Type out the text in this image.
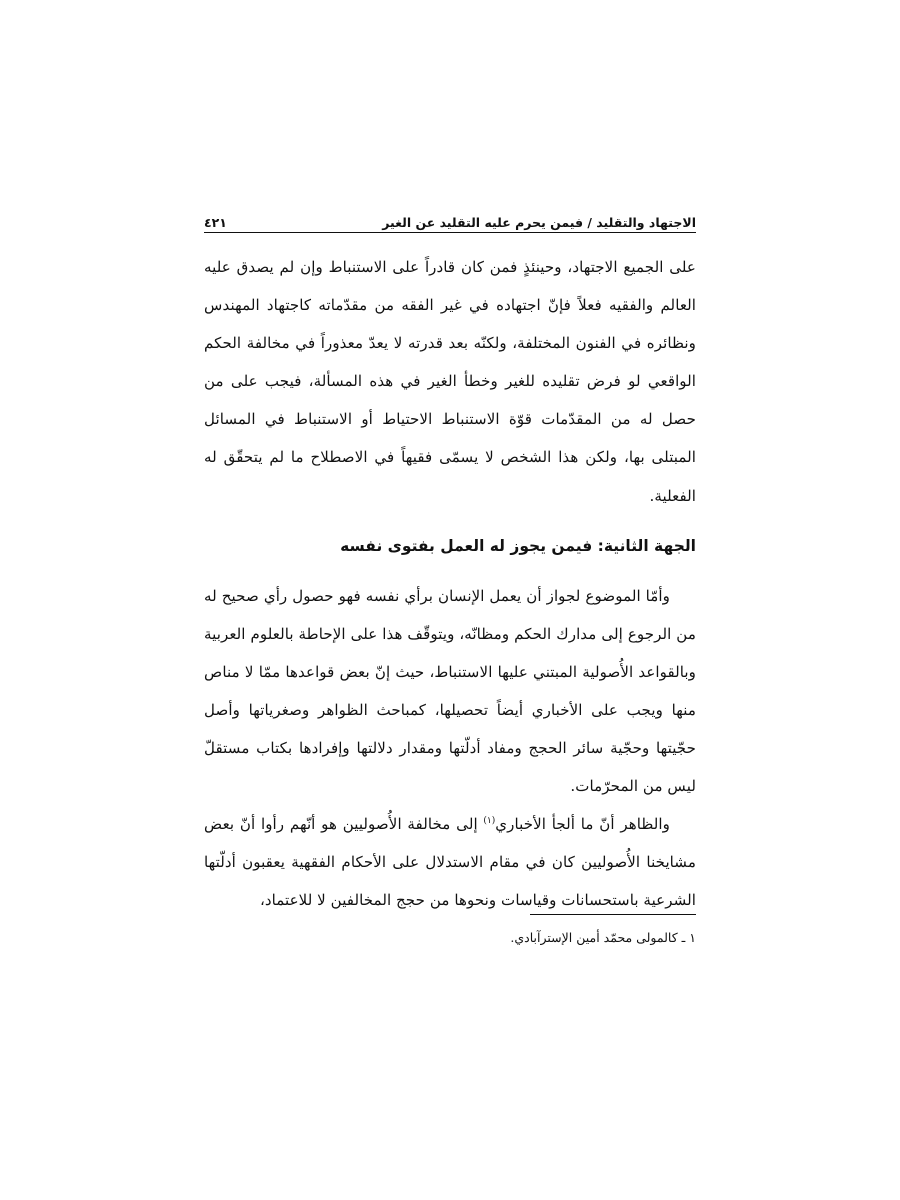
الاجتهاد والتقليد / فيمن يحرم عليه التقليد عن الغير
٤٢١

على الجميع الاجتهاد، وحينئذٍ فمن كان قادراً على الاستنباط وإن لم يصدق عليه العالم والفقيه فعلاً فإنّ اجتهاده في غير الفقه من مقدّماته كاجتهاد المهندس ونظائره في الفنون المختلفة، ولكنّه بعد قدرته لا يعدّ معذوراً في مخالفة الحكم الواقعي لو فرض تقليده للغير وخطأ الغير في هذه المسألة، فيجب على من حصل له من المقدّمات قوّة الاستنباط الاحتياط أو الاستنباط في المسائل المبتلى بها، ولكن هذا الشخص لا يسمّى فقيهاً في الاصطلاح ما لم يتحقّق له الفعلية.

الجهة الثانية: فيمن يجوز له العمل بفتوى نفسه

وأمّا الموضوع لجواز أن يعمل الإنسان برأي نفسه فهو حصول رأي صحيح له من الرجوع إلى مدارك الحكم ومظانّه، ويتوقّف هذا على الإحاطة بالعلوم العربية وبالقواعد الأُصولية المبتني عليها الاستنباط، حيث إنّ بعض قواعدها ممّا لا مناص منها ويجب على الأخباري أيضاً تحصيلها، كمباحث الظواهر وصغرياتها وأصل حجّيتها وحجّية سائر الحجج ومفاد أدلّتها ومقدار دلالتها وإفرادها بكتاب مستقلّ ليس من المحرّمات.

والظاهر أنّ ما ألجأ الأخباري$^{(١)}$ إلى مخالفة الأُصوليين هو أنّهم رأوا أنّ بعض مشايخنا الأُصوليين كان في مقام الاستدلال على الأحكام الفقهية يعقبون أدلّتها الشرعية باستحسانات وقياسات ونحوها من حجج المخالفين لا للاعتماد،

١ ـ كالمولى محمّد أمين الإسترآبادي.
